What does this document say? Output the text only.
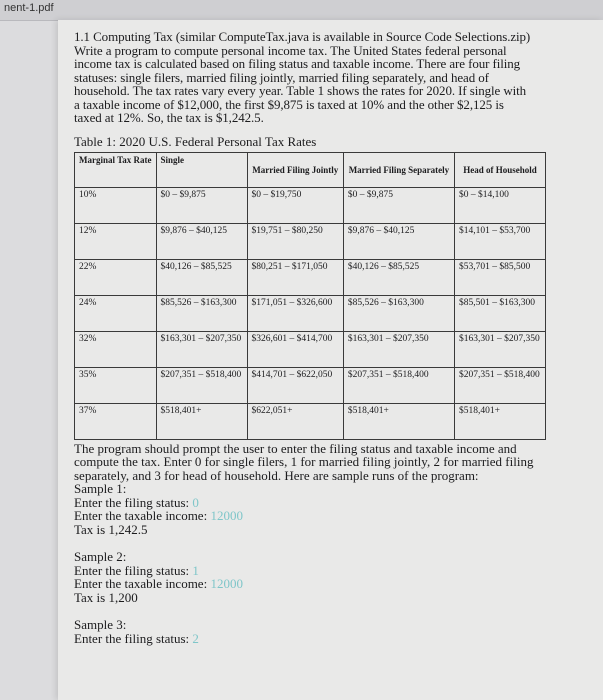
nent-1.pdf

1.1 Computing Tax (similar ComputeTax.java is available in Source Code Selections.zip)
Write a program to compute personal income tax. The United States federal personal
income tax is calculated based on filing status and taxable income. There are four filing
statuses: single filers, married filing jointly, married filing separately, and head of
household. The tax rates vary every year. Table 1 shows the rates for 2020. If single with
a taxable income of $12,000, the first $9,875 is taxed at 10% and the other $2,125 is
taxed at 12%. So, the tax is $1,242.5.

Table 1: 2020 U.S. Federal Personal Tax Rates
Marginal Tax Rate	Single	Married Filing Jointly	Married Filing Separately	Head of Household
10%	$0 – $9,875	$0 – $19,750	$0 – $9,875	$0 – $14,100
12%	$9,876 – $40,125	$19,751 – $80,250	$9,876 – $40,125	$14,101 – $53,700
22%	$40,126 – $85,525	$80,251 – $171,050	$40,126 – $85,525	$53,701 – $85,500
24%	$85,526 – $163,300	$171,051 – $326,600	$85,526 – $163,300	$85,501 – $163,300
32%	$163,301 – $207,350	$326,601 – $414,700	$163,301 – $207,350	$163,301 – $207,350
35%	$207,351 – $518,400	$414,701 – $622,050	$207,351 – $518,400	$207,351 – $518,400
37%	$518,401+	$622,051+	$518,401+	$518,401+

The program should prompt the user to enter the filing status and taxable income and
compute the tax. Enter 0 for single filers, 1 for married filing jointly, 2 for married filing
separately, and 3 for head of household. Here are sample runs of the program:

Sample 1:
Enter the filing status: 0
Enter the taxable income: 12000
Tax is 1,242.5
Sample 2:
Enter the filing status: 1
Enter the taxable income: 12000
Tax is 1,200
Sample 3:
Enter the filing status: 2
